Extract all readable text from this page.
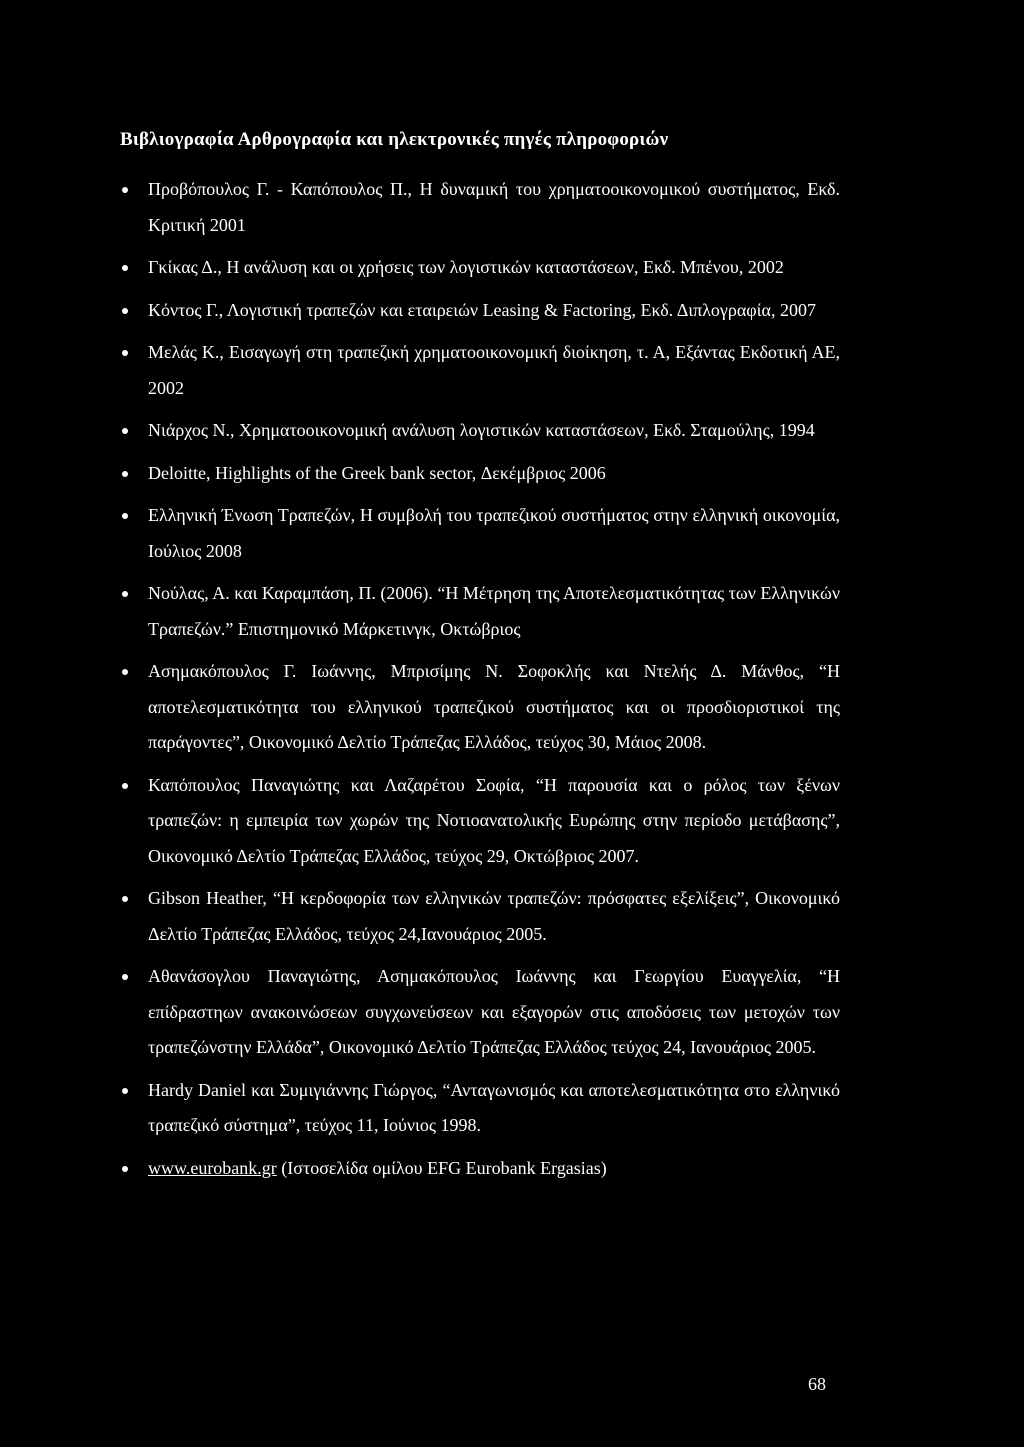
Βιβλιογραφία Αρθρογραφία και ηλεκτρονικές πηγές πληροφοριών
Προβόπουλος Γ. - Καπόπουλος Π., Η δυναμική του χρηματοοικονομικού συστήματος, Εκδ. Κριτική 2001
Γκίκας Δ., Η ανάλυση και οι χρήσεις των λογιστικών καταστάσεων, Εκδ. Μπένου, 2002
Κόντος Γ., Λογιστική τραπεζών και εταιρειών Leasing & Factoring, Εκδ. Διπλογραφία, 2007
Μελάς Κ., Εισαγωγή στη τραπεζική χρηματοοικονομική διοίκηση, τ. Α, Εξάντας Εκδοτική ΑΕ, 2002
Νιάρχος Ν., Χρηματοοικονομική ανάλυση λογιστικών καταστάσεων, Εκδ. Σταμούλης, 1994
Deloitte, Highlights of the Greek bank sector, Δεκέμβριος 2006
Ελληνική Ένωση Τραπεζών, Η συμβολή του τραπεζικού συστήματος στην ελληνική οικονομία, Ιούλιος 2008
Νούλας, Α. και Καραμπάση, Π. (2006). “Η Μέτρηση της Αποτελεσματικότητας των Ελληνικών Τραπεζών.” Επιστημονικό Μάρκετινγκ, Οκτώβριος
Ασημακόπουλος Γ. Ιωάννης, Μπρισίμης Ν. Σοφοκλής και Ντελής Δ. Μάνθος, “Η αποτελεσματικότητα του ελληνικού τραπεζικού συστήματος και οι προσδιοριστικοί της παράγοντες”, Οικονομικό Δελτίο Τράπεζας Ελλάδος, τεύχος 30, Μάιος 2008.
Καπόπουλος Παναγιώτης και Λαζαρέτου Σοφία, “Η παρουσία και ο ρόλος των ξένων τραπεζών: η εμπειρία των χωρών της Νοτιοανατολικής Ευρώπης στην περίοδο μετάβασης”, Οικονομικό Δελτίο Τράπεζας Ελλάδος, τεύχος 29, Οκτώβριος 2007.
Gibson Heather, “Η κερδοφορία των ελληνικών τραπεζών: πρόσφατες εξελίξεις”, Οικονομικό Δελτίο Τράπεζας Ελλάδος, τεύχος 24,Ιανουάριος 2005.
Αθανάσογλου Παναγιώτης, Ασημακόπουλος Ιωάννης και Γεωργίου Ευαγγελία, “Η επίδραστηων ανακοινώσεων συγχωνεύσεων και εξαγορών στις αποδόσεις των μετοχών των τραπεζώνστην Ελλάδα”, Οικονομικό Δελτίο Τράπεζας Ελλάδος τεύχος 24, Ιανουάριος 2005.
Hardy Daniel και Συμιγιάννης Γιώργος, “Ανταγωνισμός και αποτελεσματικότητα στο ελληνικό τραπεζικό σύστημα”, τεύχος 11, Ιούνιος 1998.
www.eurobank.gr (Ιστοσελίδα ομίλου EFG Eurobank Ergasias)

68
